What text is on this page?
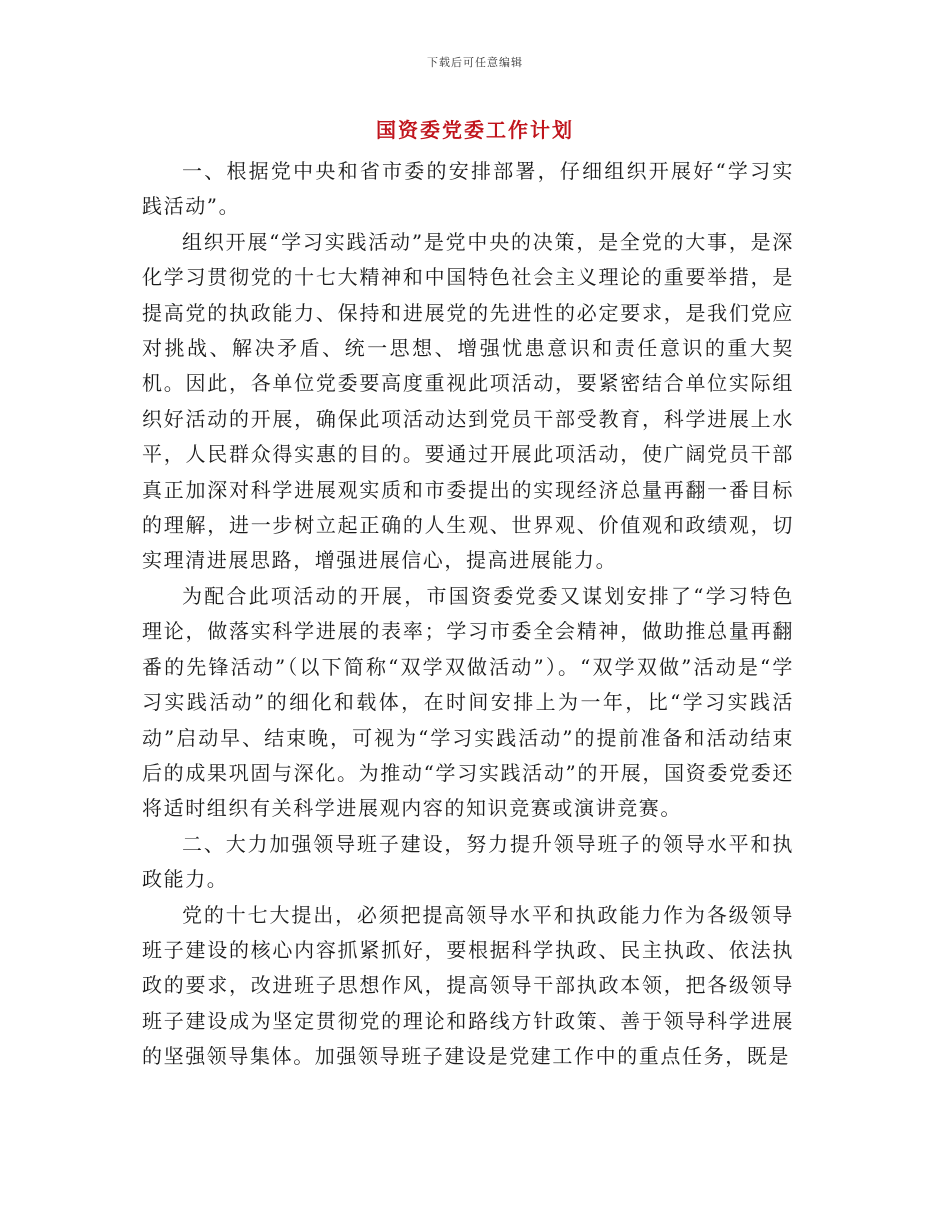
下载后可任意编辑
国资委党委工作计划

一、根据党中央和省市委的安排部署，仔细组织开展好“学习实践活动”。

组织开展“学习实践活动”是党中央的决策，是全党的大事，是深化学习贯彻党的十七大精神和中国特色社会主义理论的重要举措，是提高党的执政能力、保持和进展党的先进性的必定要求，是我们党应对挑战、解决矛盾、统一思想、增强忧患意识和责任意识的重大契机。因此，各单位党委要高度重视此项活动，要紧密结合单位实际组织好活动的开展，确保此项活动达到党员干部受教育，科学进展上水平，人民群众得实惠的目的。要通过开展此项活动，使广阔党员干部真正加深对科学进展观实质和市委提出的实现经济总量再翻一番目标的理解，进一步树立起正确的人生观、世界观、价值观和政绩观，切实理清进展思路，增强进展信心，提高进展能力。

为配合此项活动的开展，市国资委党委又谋划安排了“学习特色理论，做落实科学进展的表率；学习市委全会精神，做助推总量再翻番的先锋活动”（以下简称“双学双做活动”）。“双学双做”活动是“学习实践活动”的细化和载体，在时间安排上为一年，比“学习实践活动”启动早、结束晚，可视为“学习实践活动”的提前准备和活动结束后的成果巩固与深化。为推动“学习实践活动”的开展，国资委党委还将适时组织有关科学进展观内容的知识竞赛或演讲竞赛。

二、大力加强领导班子建设，努力提升领导班子的领导水平和执政能力。

党的十七大提出，必须把提高领导水平和执政能力作为各级领导班子建设的核心内容抓紧抓好，要根据科学执政、民主执政、依法执政的要求，改进班子思想作风，提高领导干部执政本领，把各级领导班子建设成为坚定贯彻党的理论和路线方针政策、善于领导科学进展的坚强领导集体。加强领导班子建设是党建工作中的重点任务，既是
